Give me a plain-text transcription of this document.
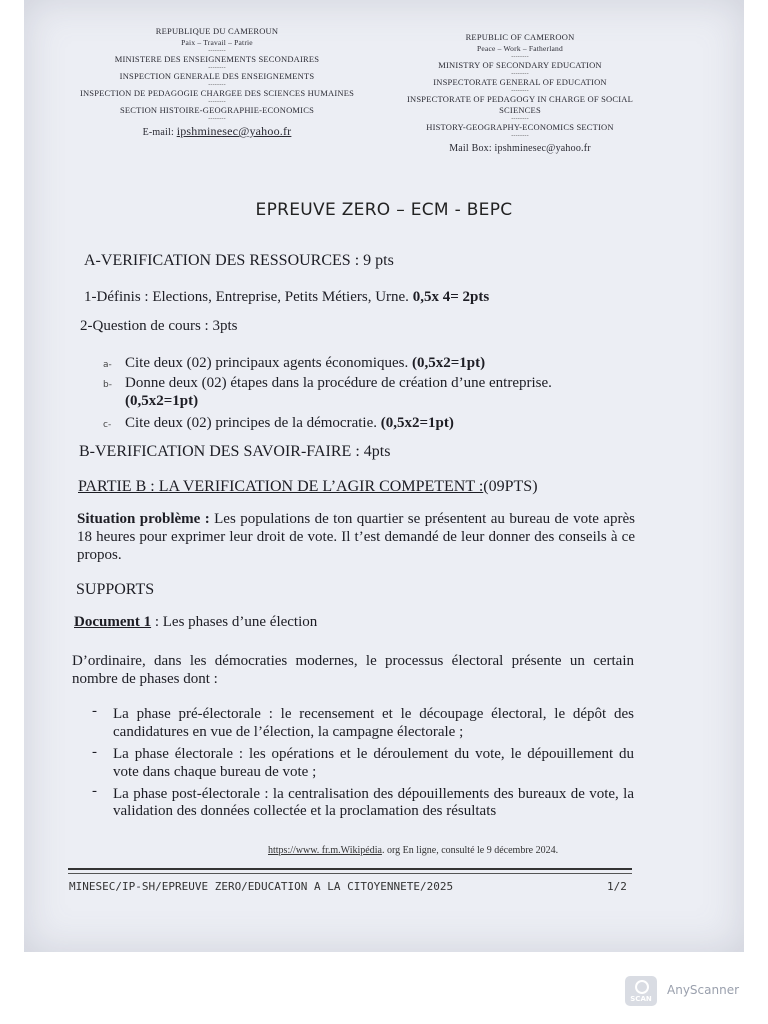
REPUBLIQUE DU CAMEROUN
Paix – Travail – Patrie
--------
MINISTERE DES ENSEIGNEMENTS SECONDAIRES
--------
INSPECTION GENERALE DES ENSEIGNEMENTS
--------
INSPECTION DE PEDAGOGIE CHARGEE DES SCIENCES HUMAINES
--------
SECTION HISTOIRE-GEOGRAPHIE-ECONOMICS
--------
E-mail: ipshminesec@yahoo.fr
REPUBLIC OF CAMEROON
Peace – Work – Fatherland
--------
MINISTRY OF SECONDARY EDUCATION
--------
INSPECTORATE GENERAL OF EDUCATION
--------
INSPECTORATE OF PEDAGOGY IN CHARGE OF SOCIAL SCIENCES
--------
HISTORY-GEOGRAPHY-ECONOMICS SECTION
--------
Mail Box: ipshminesec@yahoo.fr
EPREUVE ZERO – ECM - BEPC
A-VERIFICATION DES RESSOURCES : 9 pts
1-Définis : Elections, Entreprise, Petits Métiers, Urne. 0,5x 4= 2pts
2-Question de cours : 3pts
a- Cite deux (02) principaux agents économiques. (0,5x2=1pt)
b- Donne deux (02) étapes dans la procédure de création d’une entreprise.
(0,5x2=1pt)
c- Cite deux (02) principes de la démocratie. (0,5x2=1pt)
B-VERIFICATION DES SAVOIR-FAIRE : 4pts
PARTIE B : LA VERIFICATION DE L’AGIR COMPETENT :(09PTS)
Situation problème : Les populations de ton quartier se présentent au bureau de vote après 18 heures pour exprimer leur droit de vote. Il t’est demandé de leur donner des conseils à ce propos.
SUPPORTS
Document 1 : Les phases d’une élection
D’ordinaire, dans les démocraties modernes, le processus électoral présente un certain nombre de phases dont :
- La phase pré-électorale : le recensement et le découpage électoral, le dépôt des candidatures en vue de l’élection, la campagne électorale ;
- La phase électorale : les opérations et le déroulement du vote, le dépouillement du vote dans chaque bureau de vote ;
- La phase post-électorale : la centralisation des dépouillements des bureaux de vote, la validation des données collectée et la proclamation des résultats
https://www. fr.m.Wikipédia. org En ligne, consulté le 9 décembre 2024.
MINESEC/IP-SH/EPREUVE ZERO/EDUCATION A LA CITOYENNETE/2025	1/2
SCAN
AnyScanner
